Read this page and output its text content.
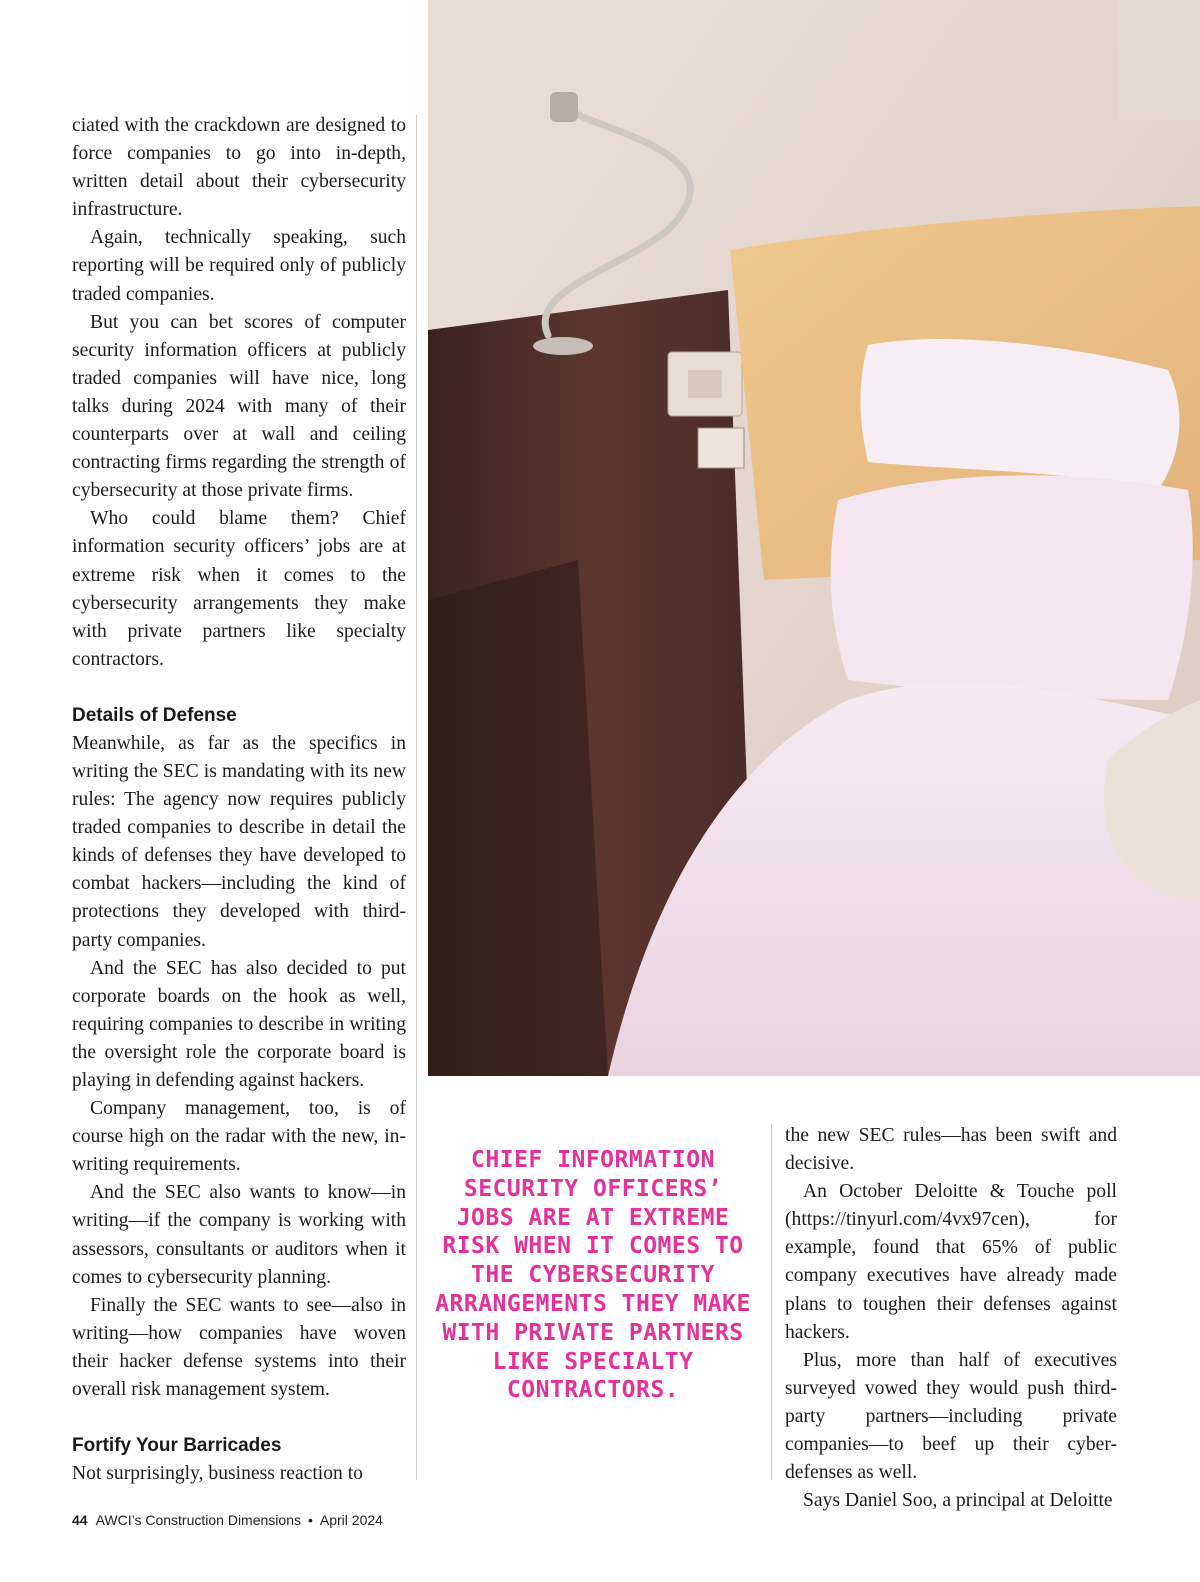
ciated with the crackdown are designed to force companies to go into in-depth, written detail about their cybersecurity infrastructure.

Again, technically speaking, such reporting will be required only of publicly traded companies.

But you can bet scores of computer security information officers at publicly traded companies will have nice, long talks during 2024 with many of their counterparts over at wall and ceiling contracting firms regarding the strength of cybersecurity at those private firms.

Who could blame them? Chief information security officers’ jobs are at extreme risk when it comes to the cybersecurity arrangements they make with private partners like specialty contractors.

Details of Defense

Meanwhile, as far as the specifics in writing the SEC is mandating with its new rules: The agency now requires publicly traded companies to describe in detail the kinds of defenses they have developed to combat hackers—including the kind of protections they developed with third-party companies.

And the SEC has also decided to put corporate boards on the hook as well, requiring companies to describe in writing the oversight role the corporate board is playing in defending against hackers.

Company management, too, is of course high on the radar with the new, in-writing requirements.

And the SEC also wants to know—in writing—if the company is working with assessors, consultants or auditors when it comes to cybersecurity planning.

Finally the SEC wants to see—also in writing—how companies have woven their hacker defense systems into their overall risk management system.

Fortify Your Barricades

Not surprisingly, business reaction to

CHIEF INFORMATION SECURITY OFFICERS’ JOBS ARE AT EXTREME RISK WHEN IT COMES TO THE CYBERSECURITY ARRANGEMENTS THEY MAKE WITH PRIVATE PARTNERS LIKE SPECIALTY CONTRACTORS.

the new SEC rules—has been swift and decisive.

An October Deloitte & Touche poll (https://tinyurl.com/4vx97cen), for example, found that 65% of public company executives have already made plans to toughen their defenses against hackers.

Plus, more than half of executives surveyed vowed they would push third-party partners—including private companies—to beef up their cyber-defenses as well.

Says Daniel Soo, a principal at Deloitte

44 AWCI’s Construction Dimensions • April 2024
